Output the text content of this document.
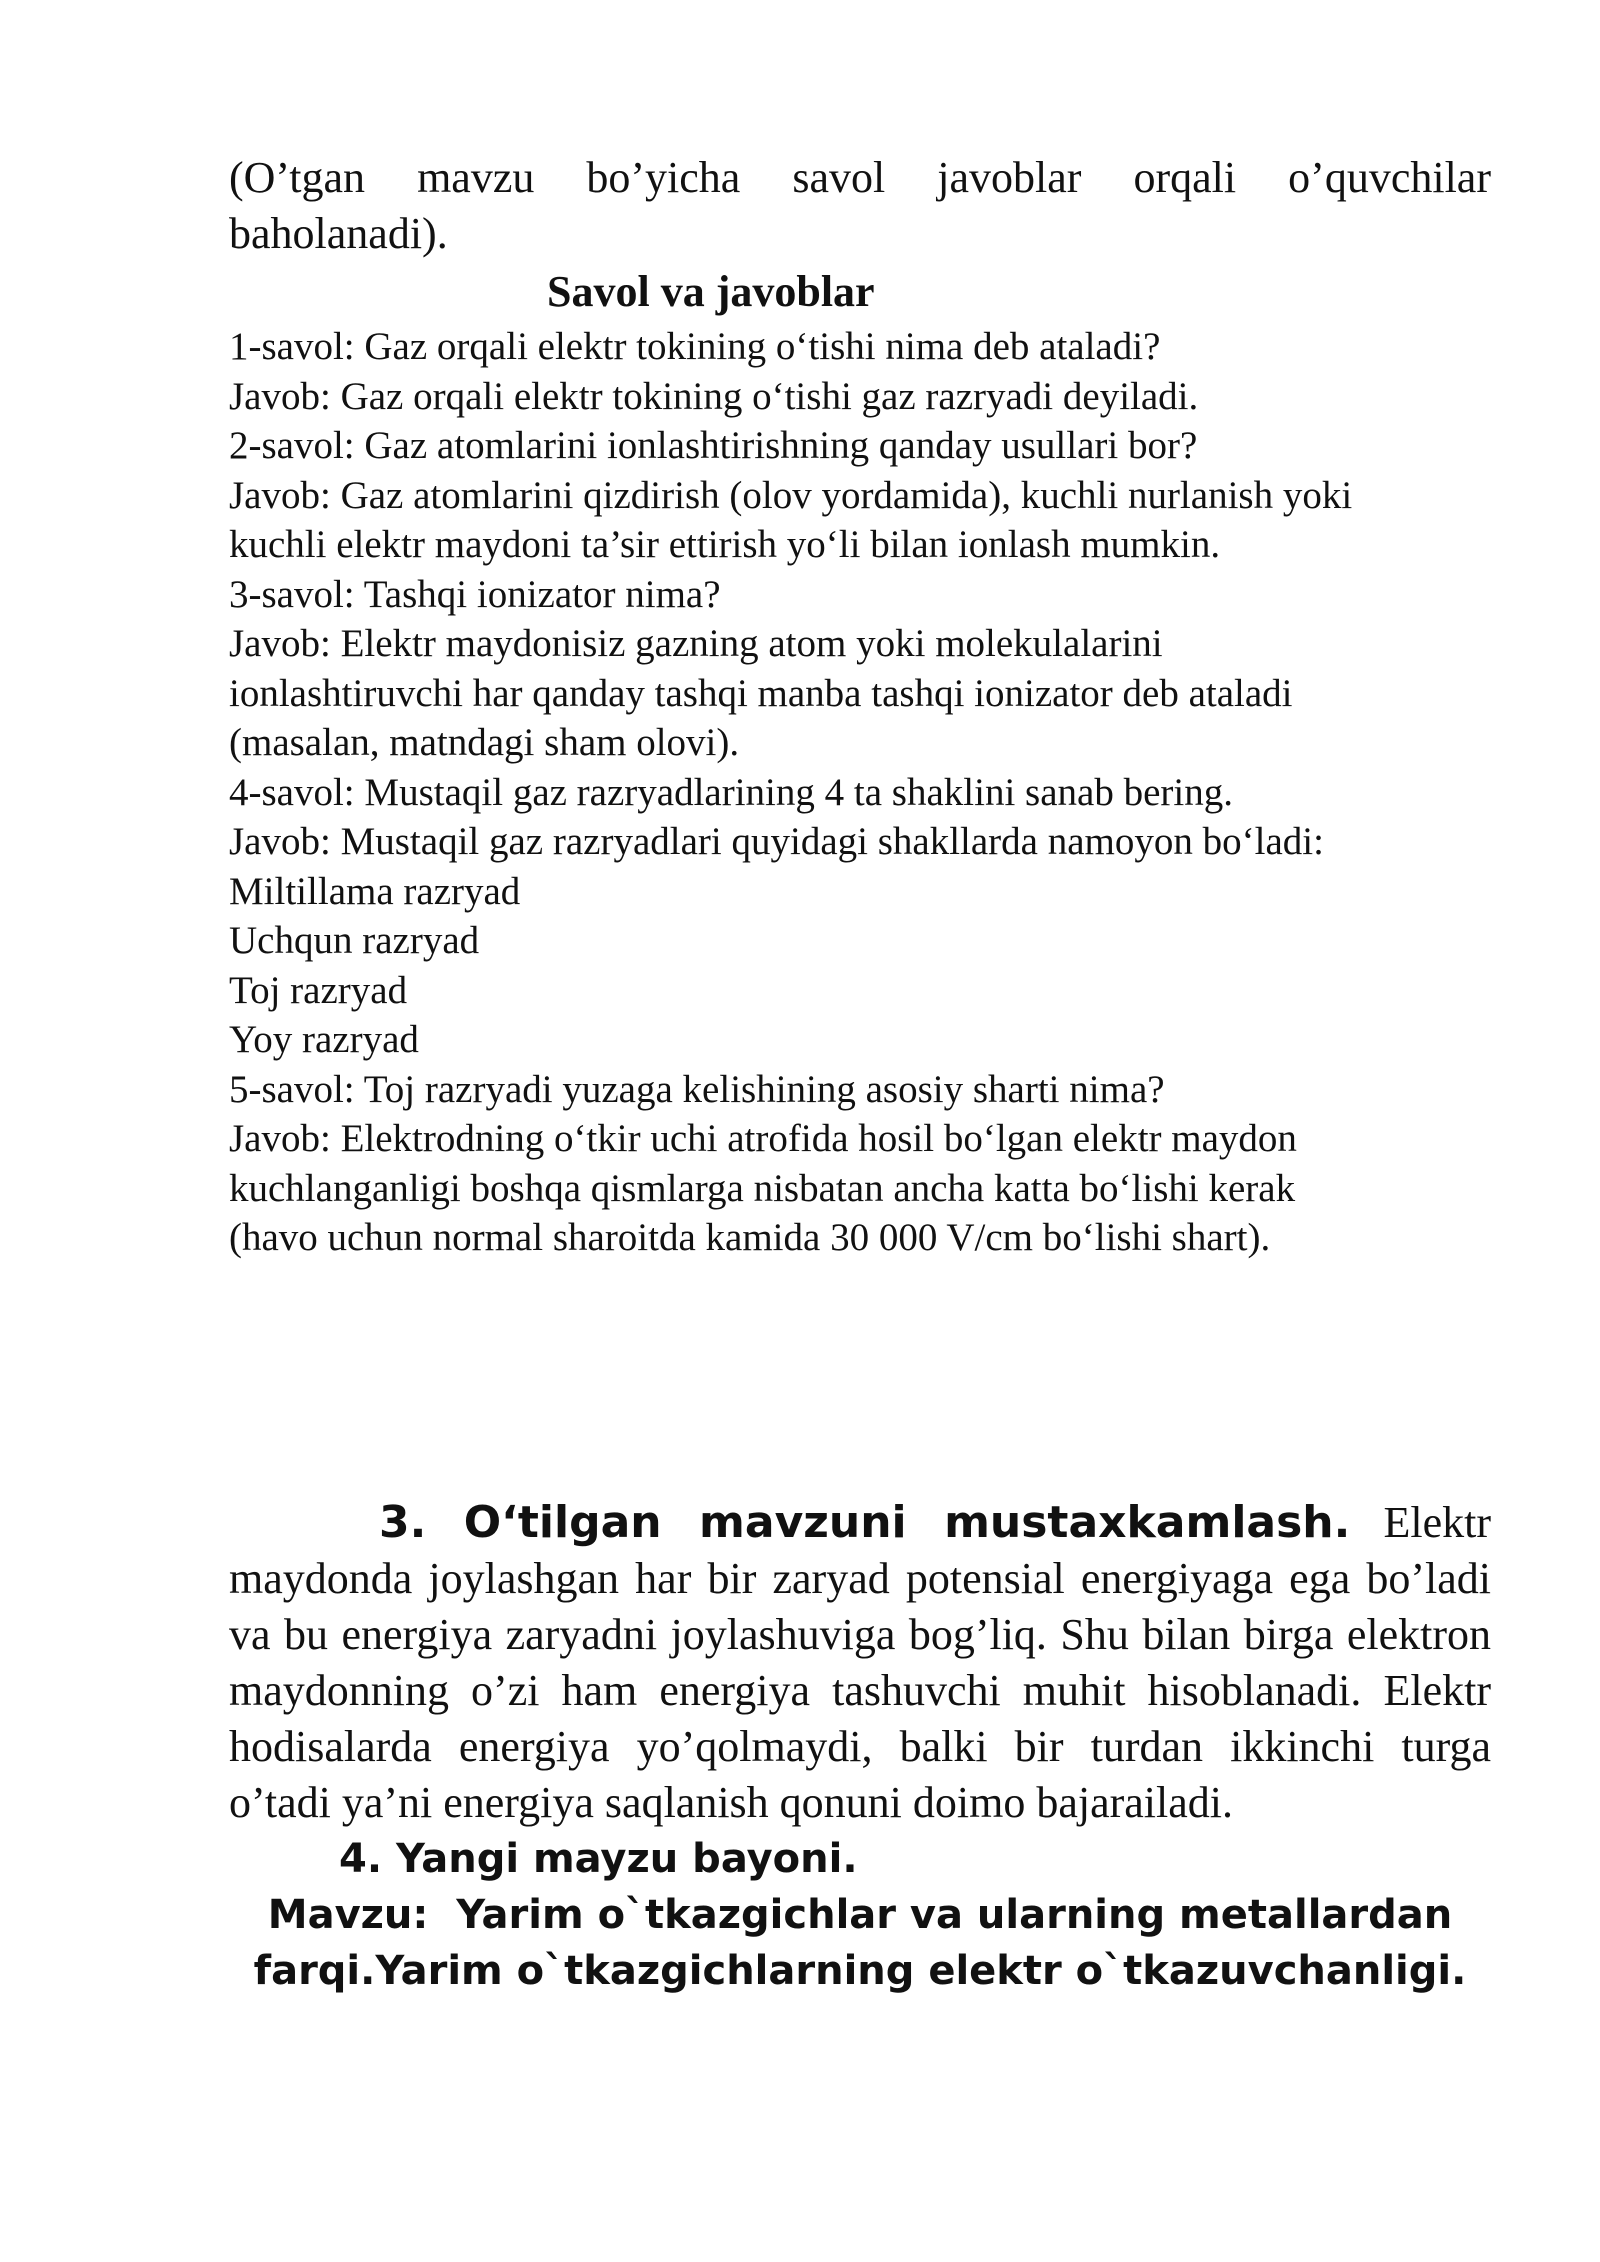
(O’tgan mavzu bo’yicha savol javoblar orqali o’quvchilar baholanadi).

Savol va javoblar

1-savol: Gaz orqali elektr tokining o‘tishi nima deb ataladi?

Javob: Gaz orqali elektr tokining o‘tishi gaz razryadi deyiladi.

2-savol: Gaz atomlarini ionlashtirishning qanday usullari bor?

Javob: Gaz atomlarini qizdirish (olov yordamida), kuchli nurlanish yoki

kuchli elektr maydoni ta’sir ettirish yo‘li bilan ionlash mumkin.

3-savol: Tashqi ionizator nima?

Javob: Elektr maydonisiz gazning atom yoki molekulalarini

ionlashtiruvchi har qanday tashqi manba tashqi ionizator deb ataladi

(masalan, matndagi sham olovi).

4-savol: Mustaqil gaz razryadlarining 4 ta shaklini sanab bering.

Javob: Mustaqil gaz razryadlari quyidagi shakllarda namoyon bo‘ladi:

Miltillama razryad

Uchqun razryad

Toj razryad

Yoy razryad

5-savol: Toj razryadi yuzaga kelishining asosiy sharti nima?

Javob: Elektrodning o‘tkir uchi atrofida hosil bo‘lgan elektr maydon

kuchlanganligi boshqa qismlarga nisbatan ancha katta bo‘lishi kerak

(havo uchun normal sharoitda kamida 30 000 V/cm bo‘lishi shart).

3. O‘tilgan mavzuni mustaxkamlash. Elektr maydonda joylashgan har bir zaryad potensial energiyaga ega bo’ladi va bu energiya zaryadni joylashuviga bog’liq. Shu bilan birga elektron maydonning o’zi ham energiya tashuvchi muhit hisoblanadi. Elektr hodisalarda energiya yo’qolmaydi, balki bir turdan ikkinchi turga o’tadi ya’ni energiya saqlanish qonuni doimo bajarailadi.

4. Yangi mayzu bayoni.

Mavzu:  Yarim o`tkazgichlar va ularning metallardan

farqi.Yarim o`tkazgichlarning elektr o`tkazuvchanligi.
